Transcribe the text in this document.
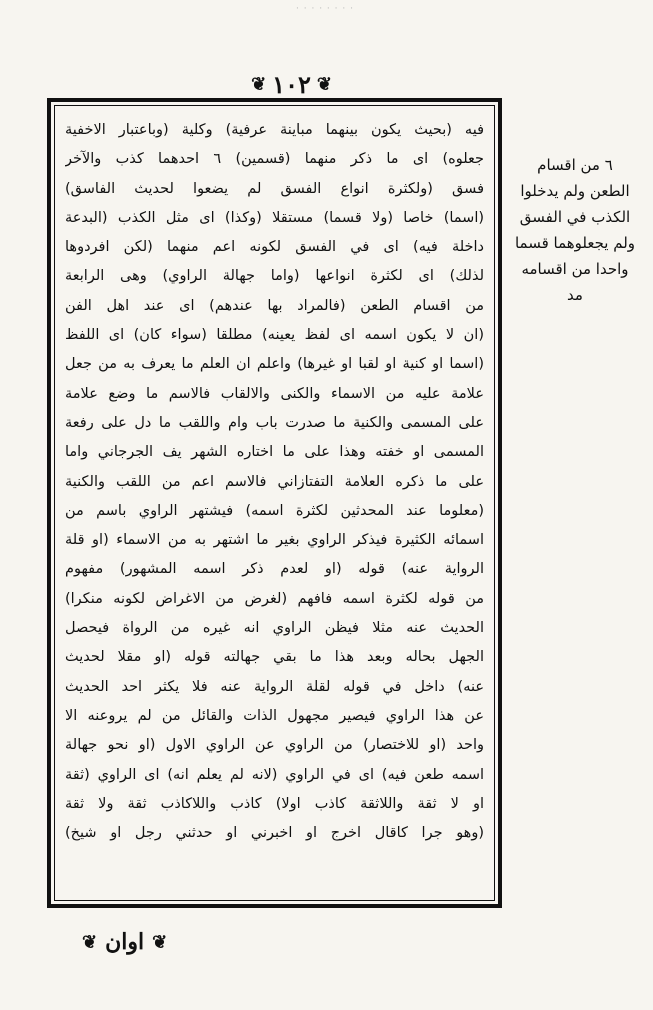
· · · · · · · ·
❦
١٠٢
❦
فيه (بحيث يكون بينهما مباينة عرفية) وكلية (وباعتبار الاخفية
جعلوه) اى ما ذكر منهما (قسمين) ٦ احدهما كذب والآخر
فسق (ولكثرة انواع الفسق لم يضعوا لحديث الفاسق)
(اسما) خاصا (ولا قسما) مستقلا (وكذا) اى مثل الكذب (البدعة
داخلة فيه) اى في الفسق لكونه اعم منهما (لكن افردوها
لذلك) اى لكثرة انواعها (واما جهالة الراوي) وهى الرابعة
من اقسام الطعن (فالمراد بها عندهم) اى عند اهل الفن
(ان لا يكون اسمه اى لفظ يعينه) مطلقا (سواء كان) اى اللفظ
(اسما او كنية او لقبا او غيرها) واعلم ان العلم ما يعرف به من جعل
علامة عليه من الاسماء والكنى والالقاب فالاسم ما وضع علامة
على المسمى والكنية ما صدرت باب وام واللقب ما دل على رفعة
المسمى او خفته وهذا على ما اختاره الشهر يف الجرجاني واما
على ما ذكره العلامة التفتازاني فالاسم اعم من اللقب والكنية
(معلوما عند المحدثين لكثرة اسمه) فيشتهر الراوي باسم من
اسمائه الكثيرة فيذكر الراوي بغير ما اشتهر به من الاسماء (او قلة
الرواية عنه) قوله (او لعدم ذكر اسمه المشهور) مفهوم
من قوله لكثرة اسمه فافهم (لغرض من الاغراض لكونه منكرا)
الحديث عنه مثلا فيظن الراوي انه غيره من الرواة فيحصل
الجهل بحاله وبعد هذا ما بقي جهالته قوله (او مقلا لحديث
عنه) داخل في قوله لقلة الرواية عنه فلا يكثر احد الحديث
عن هذا الراوي فيصير مجهول الذات والقائل من لم يروعنه الا
واحد (او للاختصار) من الراوي عن الراوي الاول (او نحو جهالة
اسمه طعن فيه) اى في الراوي (لانه لم يعلم انه) اى الراوي (ثقة
او لا ثقة واللاثقة كاذب اولا) كاذب واللاكاذب ثقة ولا ثقة
(وهو جرا كاقال اخرج او اخبرني او حدثني رجل او شيخ)
٦ من اقسام
الطعن ولم يدخلوا
الكذب في الفسق
ولم يجعلوهما قسما
واحدا من اقسامه
مد
❦
اوان
❦
